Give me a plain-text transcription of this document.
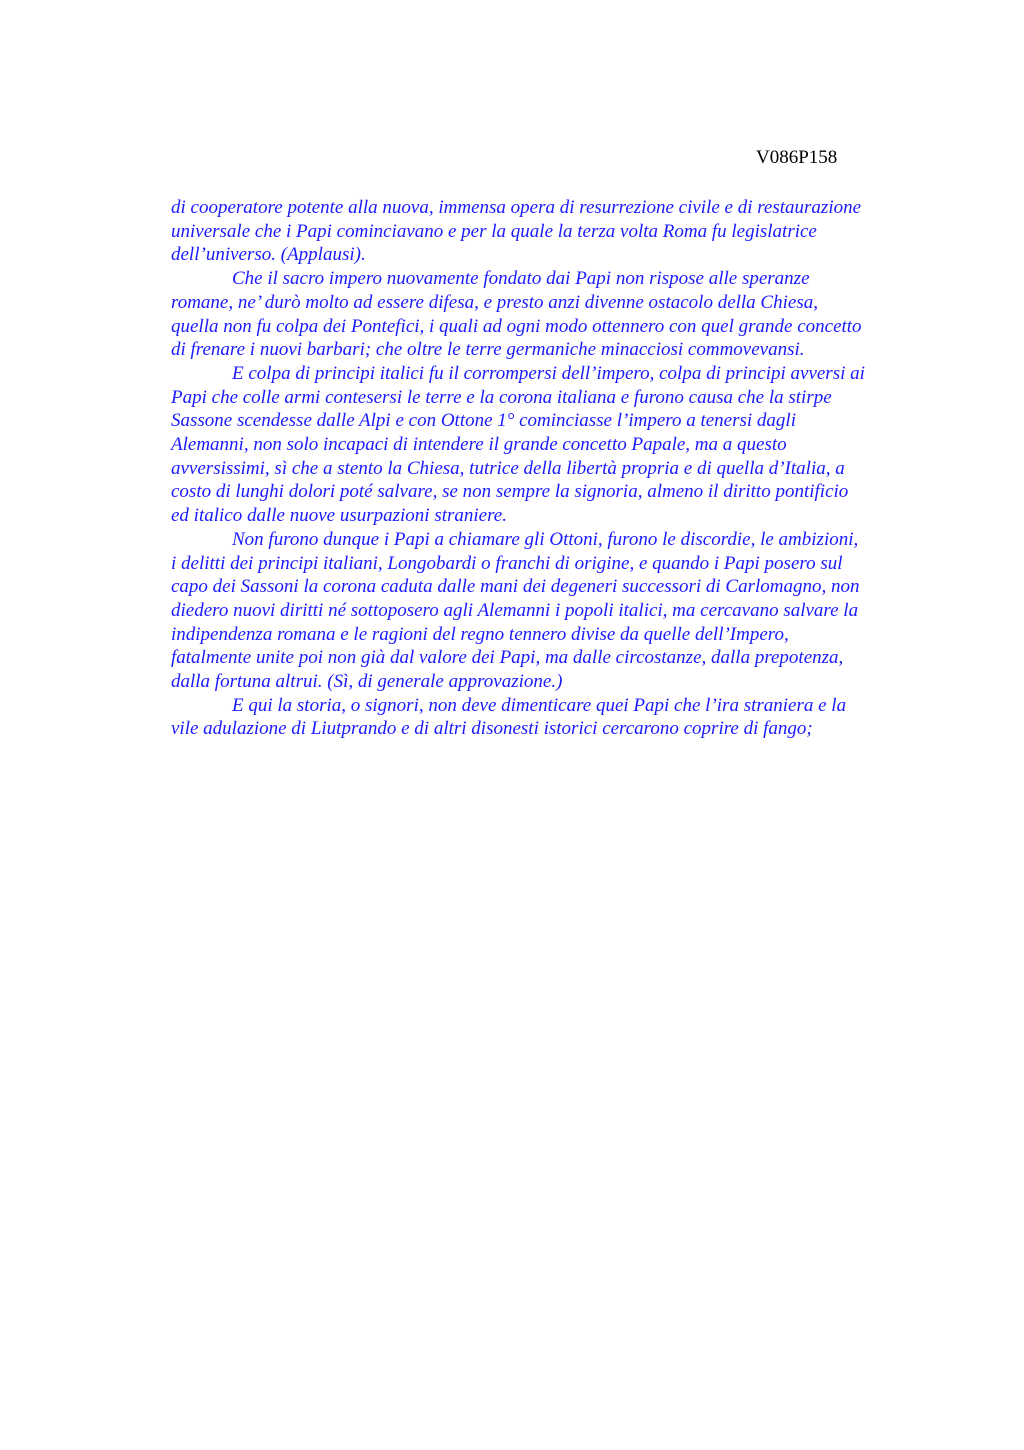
V086P158
di cooperatore potente alla nuova, immensa opera di resurrezione civile e di restaurazione
universale che i Papi cominciavano e per la quale la terza volta Roma fu legislatrice
dell’universo. (Applausi).
Che il sacro impero nuovamente fondato dai Papi non rispose alle speranze
romane, ne’ durò molto ad essere difesa, e presto anzi divenne ostacolo della Chiesa,
quella non fu colpa dei Pontefici, i quali ad ogni modo ottennero con quel grande concetto
di frenare i nuovi barbari; che oltre le terre germaniche minacciosi commovevansi.
E colpa di principi italici fu il corrompersi dell’impero, colpa di principi avversi ai
Papi che colle armi contesersi le terre e la corona italiana e furono causa che la stirpe
Sassone scendesse dalle Alpi e con Ottone 1° cominciasse l’impero a tenersi dagli
Alemanni, non solo incapaci di intendere il grande concetto Papale, ma a questo
avversissimi, sì che a stento la Chiesa, tutrice della libertà propria e di quella d’Italia, a
costo di lunghi dolori poté salvare, se non sempre la signoria, almeno il diritto pontificio
ed italico dalle nuove usurpazioni straniere.
Non furono dunque i Papi a chiamare gli Ottoni, furono le discordie, le ambizioni,
i delitti dei principi italiani, Longobardi o franchi di origine, e quando i Papi posero sul
capo dei Sassoni la corona caduta dalle mani dei degeneri successori di Carlomagno, non
diedero nuovi diritti né sottoposero agli Alemanni i popoli italici, ma cercavano salvare la
indipendenza romana e le ragioni del regno tennero divise da quelle dell’Impero,
fatalmente unite poi non già dal valore dei Papi, ma dalle circostanze, dalla prepotenza,
dalla fortuna altrui. (Sì, di generale approvazione.)
E qui la storia, o signori, non deve dimenticare quei Papi che l’ira straniera e la
vile adulazione di Liutprando e di altri disonesti istorici cercarono coprire di fango;
